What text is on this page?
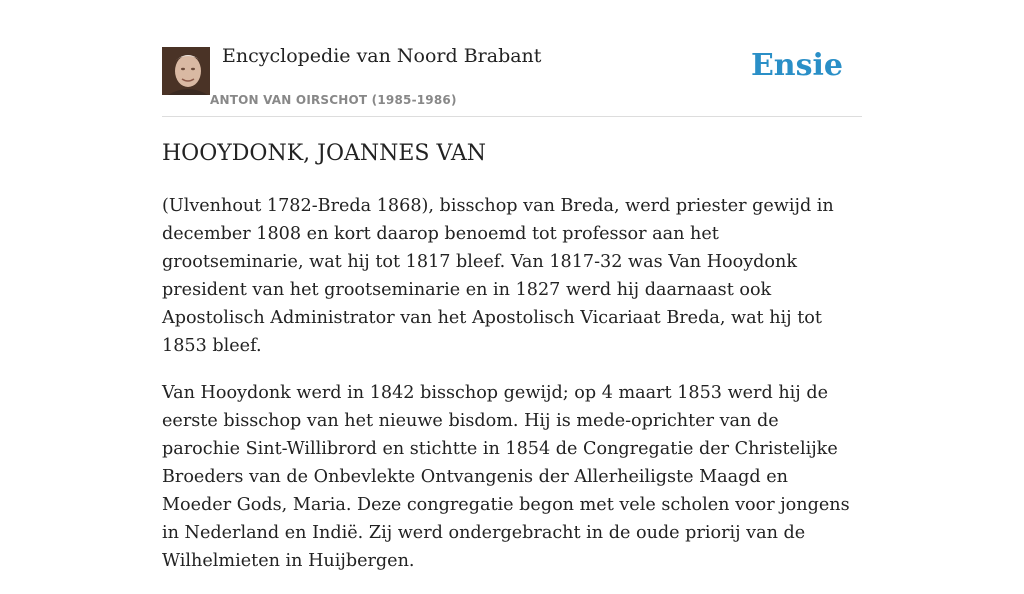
Encyclopedie van Noord Brabant
ANTON VAN OIRSCHOT (1985-1986)
Ensie
HOOYDONK, JOANNES VAN

(Ulvenhout 1782-Breda 1868), bisschop van Breda, werd priester gewijd in december 1808 en kort daarop benoemd tot professor aan het grootseminarie, wat hij tot 1817 bleef. Van 1817-32 was Van Hooydonk president van het grootseminarie en in 1827 werd hij daarnaast ook Apostolisch Administrator van het Apostolisch Vicariaat Breda, wat hij tot 1853 bleef.

Van Hooydonk werd in 1842 bisschop gewijd; op 4 maart 1853 werd hij de eerste bisschop van het nieuwe bisdom. Hij is mede-oprichter van de parochie Sint-Willibrord en stichtte in 1854 de Congregatie der Christelijke Broeders van de Onbevlekte Ontvangenis der Allerheiligste Maagd en Moeder Gods, Maria. Deze congregatie begon met vele scholen voor jongens in Nederland en Indië. Zij werd ondergebracht in de oude priorij van de Wilhelmieten in Huijbergen.
